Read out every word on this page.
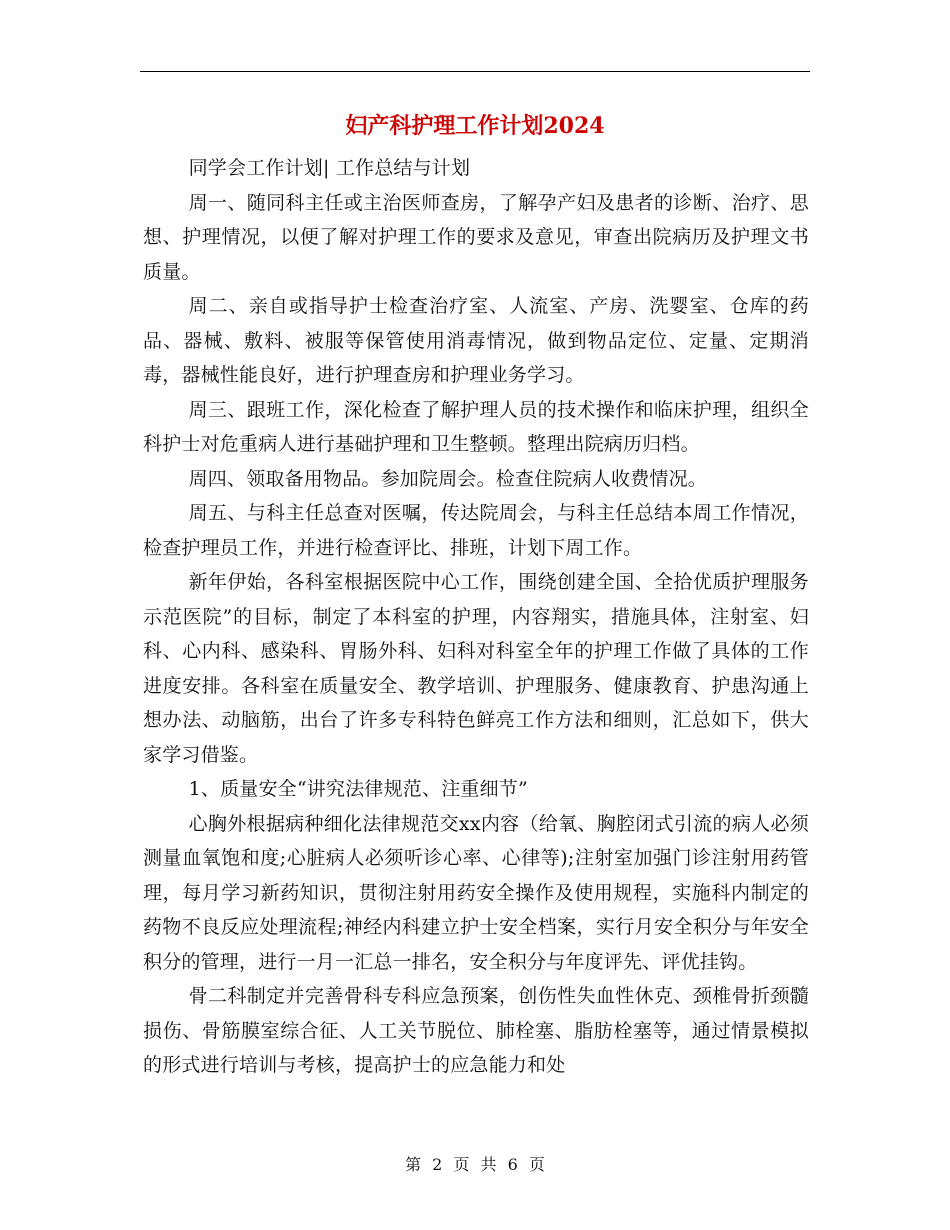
妇产科护理工作计划2024

同学会工作计划| 工作总结与计划

周一、随同科主任或主治医师查房，了解孕产妇及患者的诊断、治疗、思想、护理情况，以便了解对护理工作的要求及意见，审查出院病历及护理文书质量。

周二、亲自或指导护士检查治疗室、人流室、产房、洗婴室、仓库的药品、器械、敷料、被服等保管使用消毒情况，做到物品定位、定量、定期消毒，器械性能良好，进行护理查房和护理业务学习。

周三、跟班工作，深化检查了解护理人员的技术操作和临床护理，组织全科护士对危重病人进行基础护理和卫生整顿。整理出院病历归档。

周四、领取备用物品。参加院周会。检查住院病人收费情况。

周五、与科主任总查对医嘱，传达院周会，与科主任总结本周工作情况，检查护理员工作，并进行检查评比、排班，计划下周工作。

新年伊始，各科室根据医院中心工作，围绕创建全国、全拾优质护理服务示范医院”的目标，制定了本科室的护理，内容翔实，措施具体，注射室、妇科、心内科、感染科、胃肠外科、妇科对科室全年的护理工作做了具体的工作进度安排。各科室在质量安全、教学培训、护理服务、健康教育、护患沟通上想办法、动脑筋，出台了许多专科特色鲜亮工作方法和细则，汇总如下，供大家学习借鉴。

1、质量安全“讲究法律规范、注重细节”

心胸外根据病种细化法律规范交xx内容（给氧、胸腔闭式引流的病人必须测量血氧饱和度;心脏病人必须听诊心率、心律等);注射室加强门诊注射用药管理，每月学习新药知识，贯彻注射用药安全操作及使用规程，实施科内制定的药物不良反应处理流程;神经内科建立护士安全档案，实行月安全积分与年安全积分的管理，进行一月一汇总一排名，安全积分与年度评先、评优挂钩。

骨二科制定并完善骨科专科应急预案，创伤性失血性休克、颈椎骨折颈髓损伤、骨筋膜室综合征、人工关节脱位、肺栓塞、脂肪栓塞等，通过情景模拟的形式进行培训与考核，提高护士的应急能力和处

第 2 页 共 6 页
